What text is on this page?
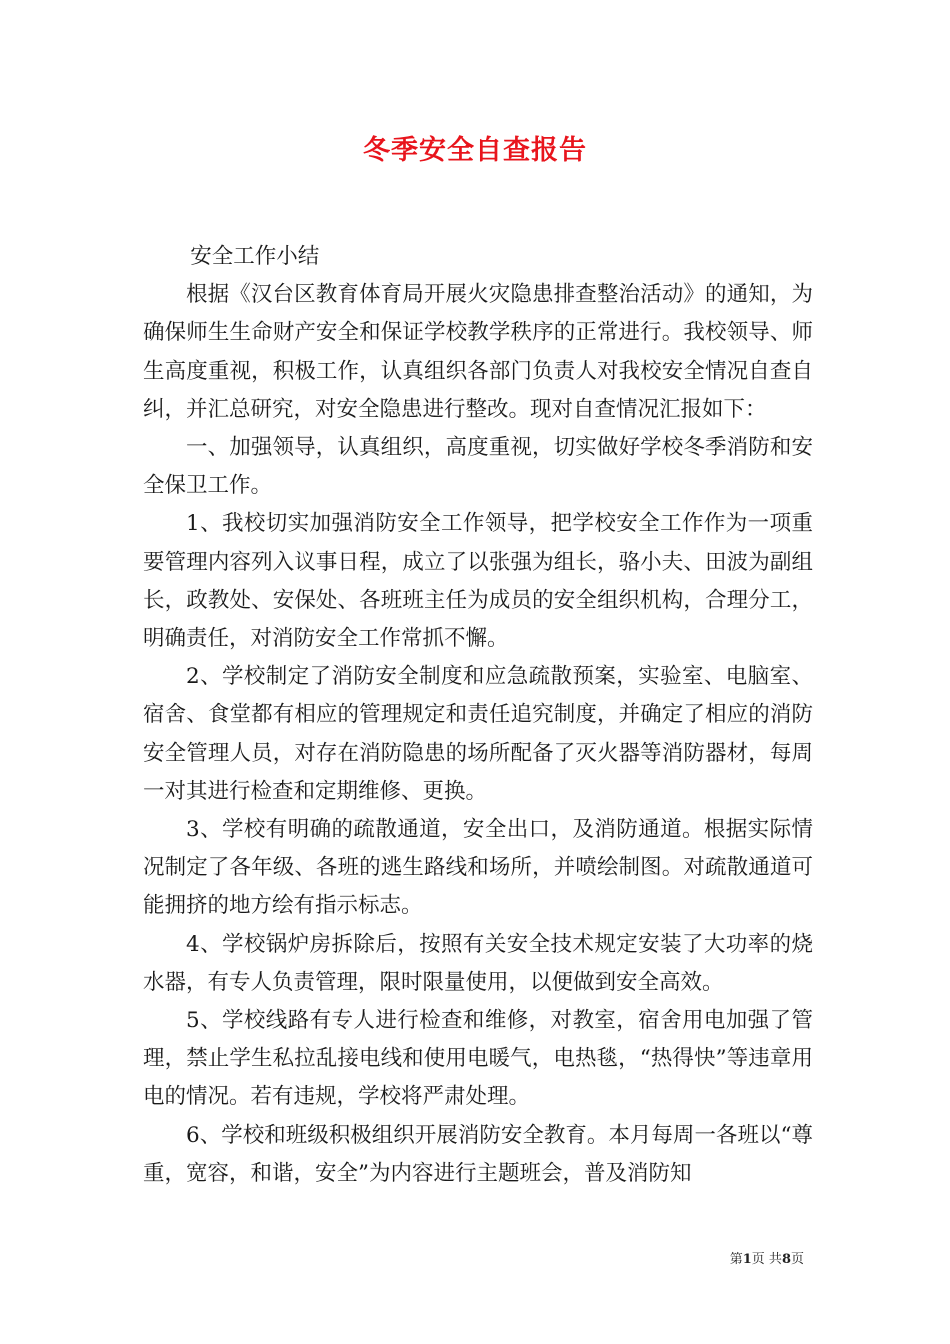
冬季安全自查报告

安全工作小结

根据《汉台区教育体育局开展火灾隐患排查整治活动》的通知，为确保师生生命财产安全和保证学校教学秩序的正常进行。我校领导、师生高度重视，积极工作，认真组织各部门负责人对我校安全情况自查自纠，并汇总研究，对安全隐患进行整改。现对自查情况汇报如下：

一、加强领导，认真组织，高度重视，切实做好学校冬季消防和安全保卫工作。

1、我校切实加强消防安全工作领导，把学校安全工作作为一项重要管理内容列入议事日程，成立了以张强为组长，骆小夫、田波为副组长，政教处、安保处、各班班主任为成员的安全组织机构，合理分工，明确责任，对消防安全工作常抓不懈。

2、学校制定了消防安全制度和应急疏散预案，实验室、电脑室、宿舍、食堂都有相应的管理规定和责任追究制度，并确定了相应的消防安全管理人员，对存在消防隐患的场所配备了灭火器等消防器材，每周一对其进行检查和定期维修、更换。

3、学校有明确的疏散通道，安全出口，及消防通道。根据实际情况制定了各年级、各班的逃生路线和场所，并喷绘制图。对疏散通道可能拥挤的地方绘有指示标志。

4、学校锅炉房拆除后，按照有关安全技术规定安装了大功率的烧水器，有专人负责管理，限时限量使用，以便做到安全高效。

5、学校线路有专人进行检查和维修，对教室，宿舍用电加强了管理，禁止学生私拉乱接电线和使用电暖气，电热毯，“热得快”等违章用电的情况。若有违规，学校将严肃处理。

6、学校和班级积极组织开展消防安全教育。本月每周一各班以“尊重，宽容，和谐，安全”为内容进行主题班会，普及消防知

第1页 共8页
